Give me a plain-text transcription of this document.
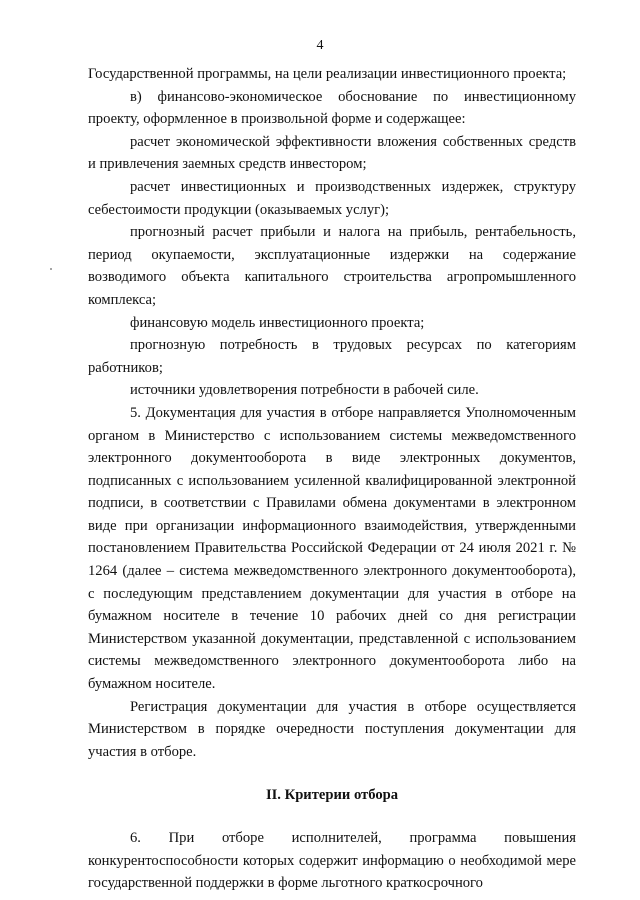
4

Государственной программы, на цели реализации инвестиционного проекта;

в) финансово-экономическое обоснование по инвестиционному проекту, оформленное в произвольной форме и содержащее:

расчет экономической эффективности вложения собственных средств и привлечения заемных средств инвестором;

расчет инвестиционных и производственных издержек, структуру себестоимости продукции (оказываемых услуг);

прогнозный расчет прибыли и налога на прибыль, рентабельность, период окупаемости, эксплуатационные издержки на содержание возводимого объекта капитального строительства агропромышленного комплекса;

финансовую модель инвестиционного проекта;

прогнозную потребность в трудовых ресурсах по категориям работников;

источники удовлетворения потребности в рабочей силе.

5. Документация для участия в отборе направляется Уполномоченным органом в Министерство с использованием системы межведомственного электронного документооборота в виде электронных документов, подписанных с использованием усиленной квалифицированной электронной подписи, в соответствии с Правилами обмена документами в электронном виде при организации информационного взаимодействия, утвержденными постановлением Правительства Российской Федерации от 24 июля 2021 г. № 1264 (далее – система межведомственного электронного документооборота), с последующим представлением документации для участия в отборе на бумажном носителе в течение 10 рабочих дней со дня регистрации Министерством указанной документации, представленной с использованием системы межведомственного электронного документооборота либо на бумажном носителе.

Регистрация документации для участия в отборе осуществляется Министерством в порядке очередности поступления документации для участия в отборе.

II. Критерии отбора

6. При отборе исполнителей, программа повышения конкурентоспособности которых содержит информацию о необходимой мере государственной поддержки в форме льготного краткосрочного
